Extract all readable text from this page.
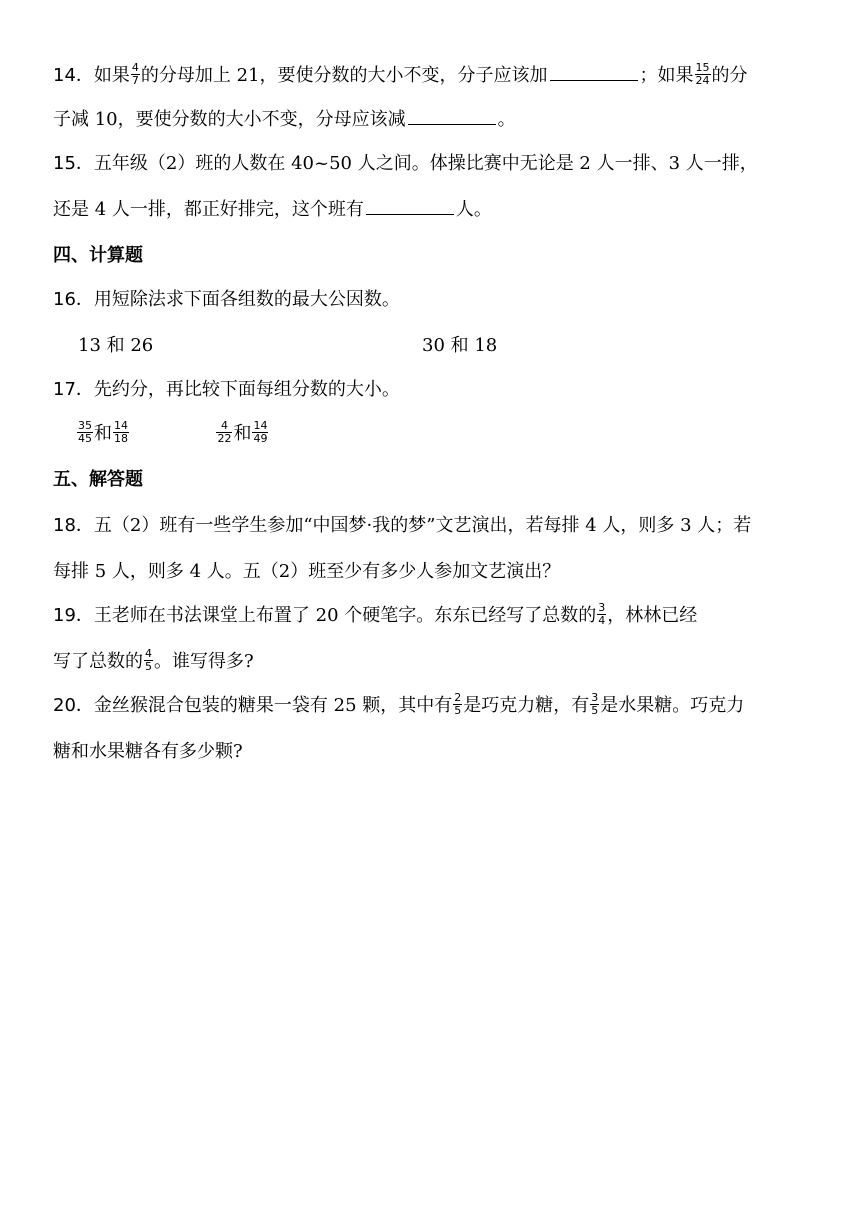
14．如果 $\frac{4}{7}$ 的分母加上 21，要使分数的大小不变，分子应该加	；如果 $\frac{15}{24}$ 的分
子减 10，要使分数的大小不变，分母应该减	。
15．五年级（2）班的人数在 40~50 人之间。体操比赛中无论是 2 人一排、3 人一排，
还是 4 人一排，都正好排完，这个班有	人。
四、计算题
16．用短除法求下面各组数的最大公因数。
13 和 26	30 和 18
17．先约分，再比较下面每组分数的大小。
$\frac{35}{45}$ 和 $\frac{14}{18}$
	$\frac{4}{22}$ 和 $\frac{14}{49}$
五、解答题
18．五（2）班有一些学生参加“中国梦·我的梦”文艺演出，若每排 4 人，则多 3 人；若
每排 5 人，则多 4 人。五（2）班至少有多少人参加文艺演出？
19．王老师在书法课堂上布置了 20 个硬笔字。东东已经写了总数的 $\frac{3}{4}$ ，林林已经
写了总数的 $\frac{4}{5}$ 。谁写得多?
20．金丝猴混合包装的糖果一袋有 25 颗，其中有 $\frac{2}{5}$ 是巧克力糖，有 $\frac{3}{5}$ 是水果糖。巧克力
糖和水果糖各有多少颗?
